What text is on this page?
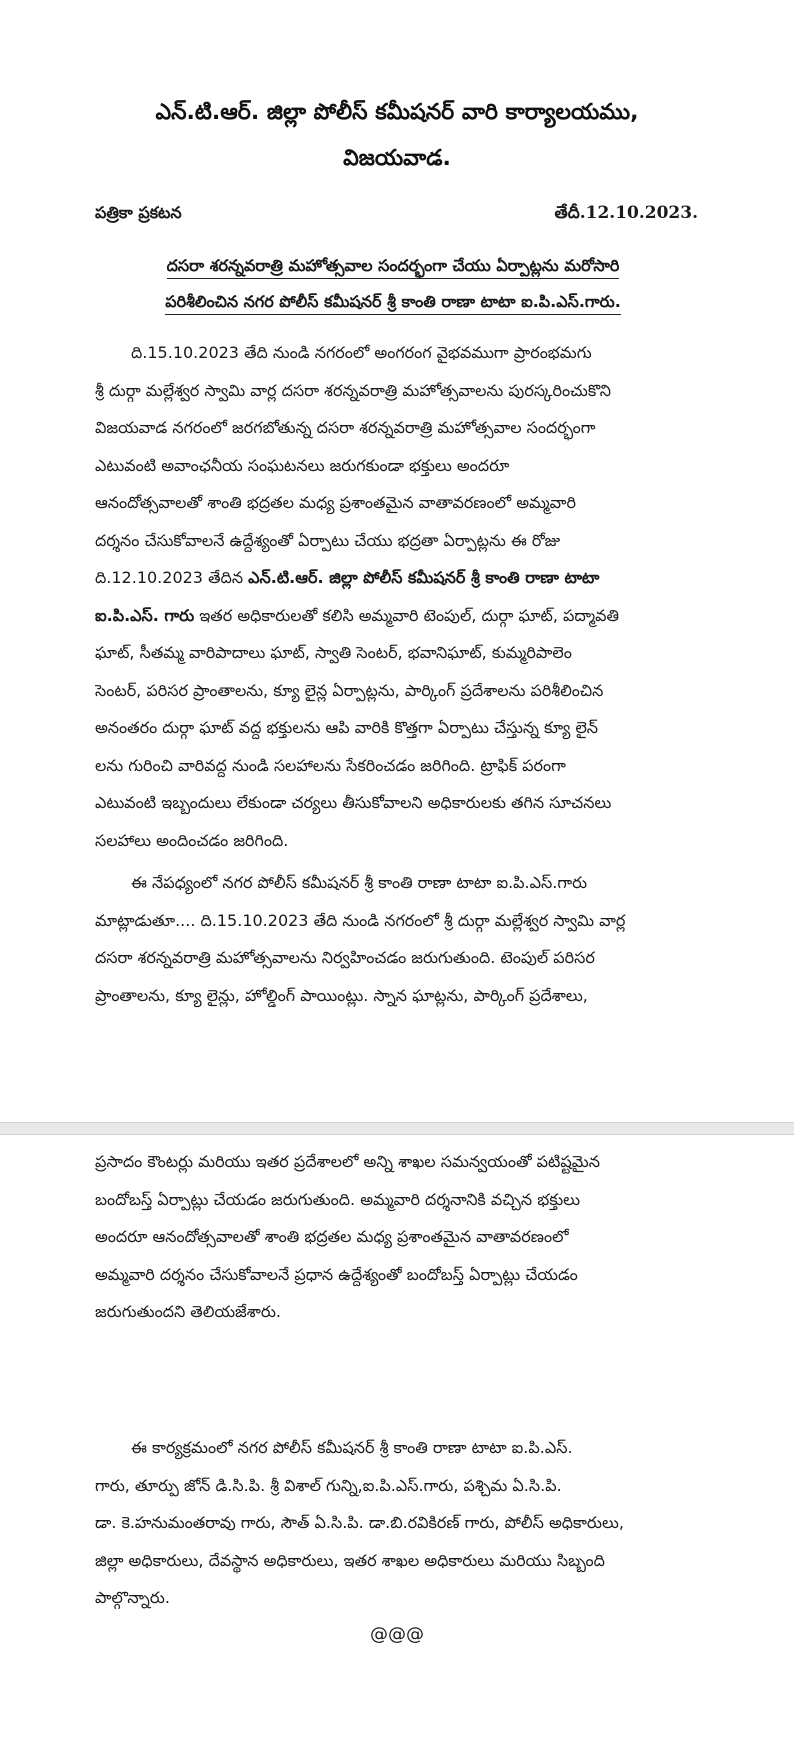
ఎన్.టి.ఆర్. జిల్లా పోలీస్ కమీషనర్ వారి కార్యాలయము,
విజయవాడ.
పత్రికా ప్రకటన	తేదీ.12.10.2023.
దసరా శరన్నవరాత్రి మహోత్సవాల సందర్భంగా చేయు ఏర్పాట్లను మరోసారి
పరిశీలించిన నగర పోలీస్ కమీషనర్ శ్రీ కాంతి రాణా టాటా ఐ.పి.ఎస్.గారు.
ది.15.10.2023 తేది నుండి నగరంలో అంగరంగ వైభవముగా ప్రారంభమగు
శ్రీ దుర్గా మల్లేశ్వర స్వామి వార్ల దసరా శరన్నవరాత్రి మహోత్సవాలను పురస్కరించుకొని
విజయవాడ నగరంలో జరగబోతున్న దసరా శరన్నవరాత్రి మహోత్సవాల సందర్భంగా
ఎటువంటి అవాంఛనీయ సంఘటనలు జరుగకుండా భక్తులు అందరూ
ఆనందోత్సవాలతో శాంతి భద్రతల మధ్య ప్రశాంతమైన వాతావరణంలో అమ్మవారి
దర్శనం చేసుకోవాలనే ఉద్దేశ్యంతో ఏర్పాటు చేయు భద్రతా ఏర్పాట్లను ఈ రోజు
ది.12.10.2023 తేదిన ఎన్.టి.ఆర్. జిల్లా పోలీస్ కమీషనర్ శ్రీ కాంతి రాణా టాటా
ఐ.పి.ఎస్. గారు ఇతర అధికారులతో కలిసి అమ్మవారి టెంపుల్, దుర్గా ఘాట్, పద్మావతి
ఘాట్, సీతమ్మ వారిపాదాలు ఘాట్, స్వాతి సెంటర్, భవానిఘాట్, కుమ్మరిపాలెం
సెంటర్, పరిసర ప్రాంతాలను, క్యూ లైన్ల ఏర్పాట్లను, పార్కింగ్ ప్రదేశాలను పరిశీలించిన
అనంతరం దుర్గా ఘాట్ వద్ద భక్తులను ఆపి వారికి కొత్తగా ఏర్పాటు చేస్తున్న క్యూ లైన్
లను గురించి వారివద్ద నుండి సలహాలను సేకరించడం జరిగింది. ట్రాఫిక్ పరంగా
ఎటువంటి ఇబ్బందులు లేకుండా చర్యలు తీసుకోవాలని అధికారులకు తగిన సూచనలు
సలహాలు అందించడం జరిగింది.
ఈ నేపధ్యంలో నగర పోలీస్ కమీషనర్ శ్రీ కాంతి రాణా టాటా ఐ.పి.ఎస్.గారు
మాట్లాడుతూ.... ది.15.10.2023 తేది నుండి నగరంలో శ్రీ దుర్గా మల్లేశ్వర స్వామి వార్ల
దసరా శరన్నవరాత్రి మహోత్సవాలను నిర్వహించడం జరుగుతుంది. టెంపుల్ పరిసర
ప్రాంతాలను, క్యూ లైన్లు, హోల్డింగ్ పాయింట్లు. స్నాన ఘాట్లను, పార్కింగ్ ప్రదేశాలు,
ప్రసాదం కౌంటర్లు మరియు ఇతర ప్రదేశాలలో అన్ని శాఖల సమన్వయంతో పటిష్టమైన
బందోబస్త్ ఏర్పాట్లు చేయడం జరుగుతుంది. అమ్మవారి దర్శనానికి వచ్చిన భక్తులు
అందరూ ఆనందోత్సవాలతో శాంతి భద్రతల మధ్య ప్రశాంతమైన వాతావరణంలో
అమ్మవారి దర్శనం చేసుకోవాలనే ప్రధాన ఉద్దేశ్యంతో బందోబస్త్ ఏర్పాట్లు చేయడం
జరుగుతుందని తెలియజేశారు.
ఈ కార్యక్రమంలో నగర పోలీస్ కమీషనర్ శ్రీ కాంతి రాణా టాటా ఐ.పి.ఎస్.
గారు, తూర్పు జోన్ డి.సి.పి. శ్రీ విశాల్ గున్ని,ఐ.పి.ఎస్.గారు, పశ్చిమ ఏ.సి.పి.
డా. కె.హనుమంతరావు గారు, సౌత్ ఏ.సి.పి. డా.బి.రవికిరణ్ గారు, పోలీస్ అధికారులు,
జిల్లా అధికారులు, దేవస్థాన అధికారులు, ఇతర శాఖల అధికారులు మరియు సిబ్బంది
పాల్గొన్నారు.
@@@
